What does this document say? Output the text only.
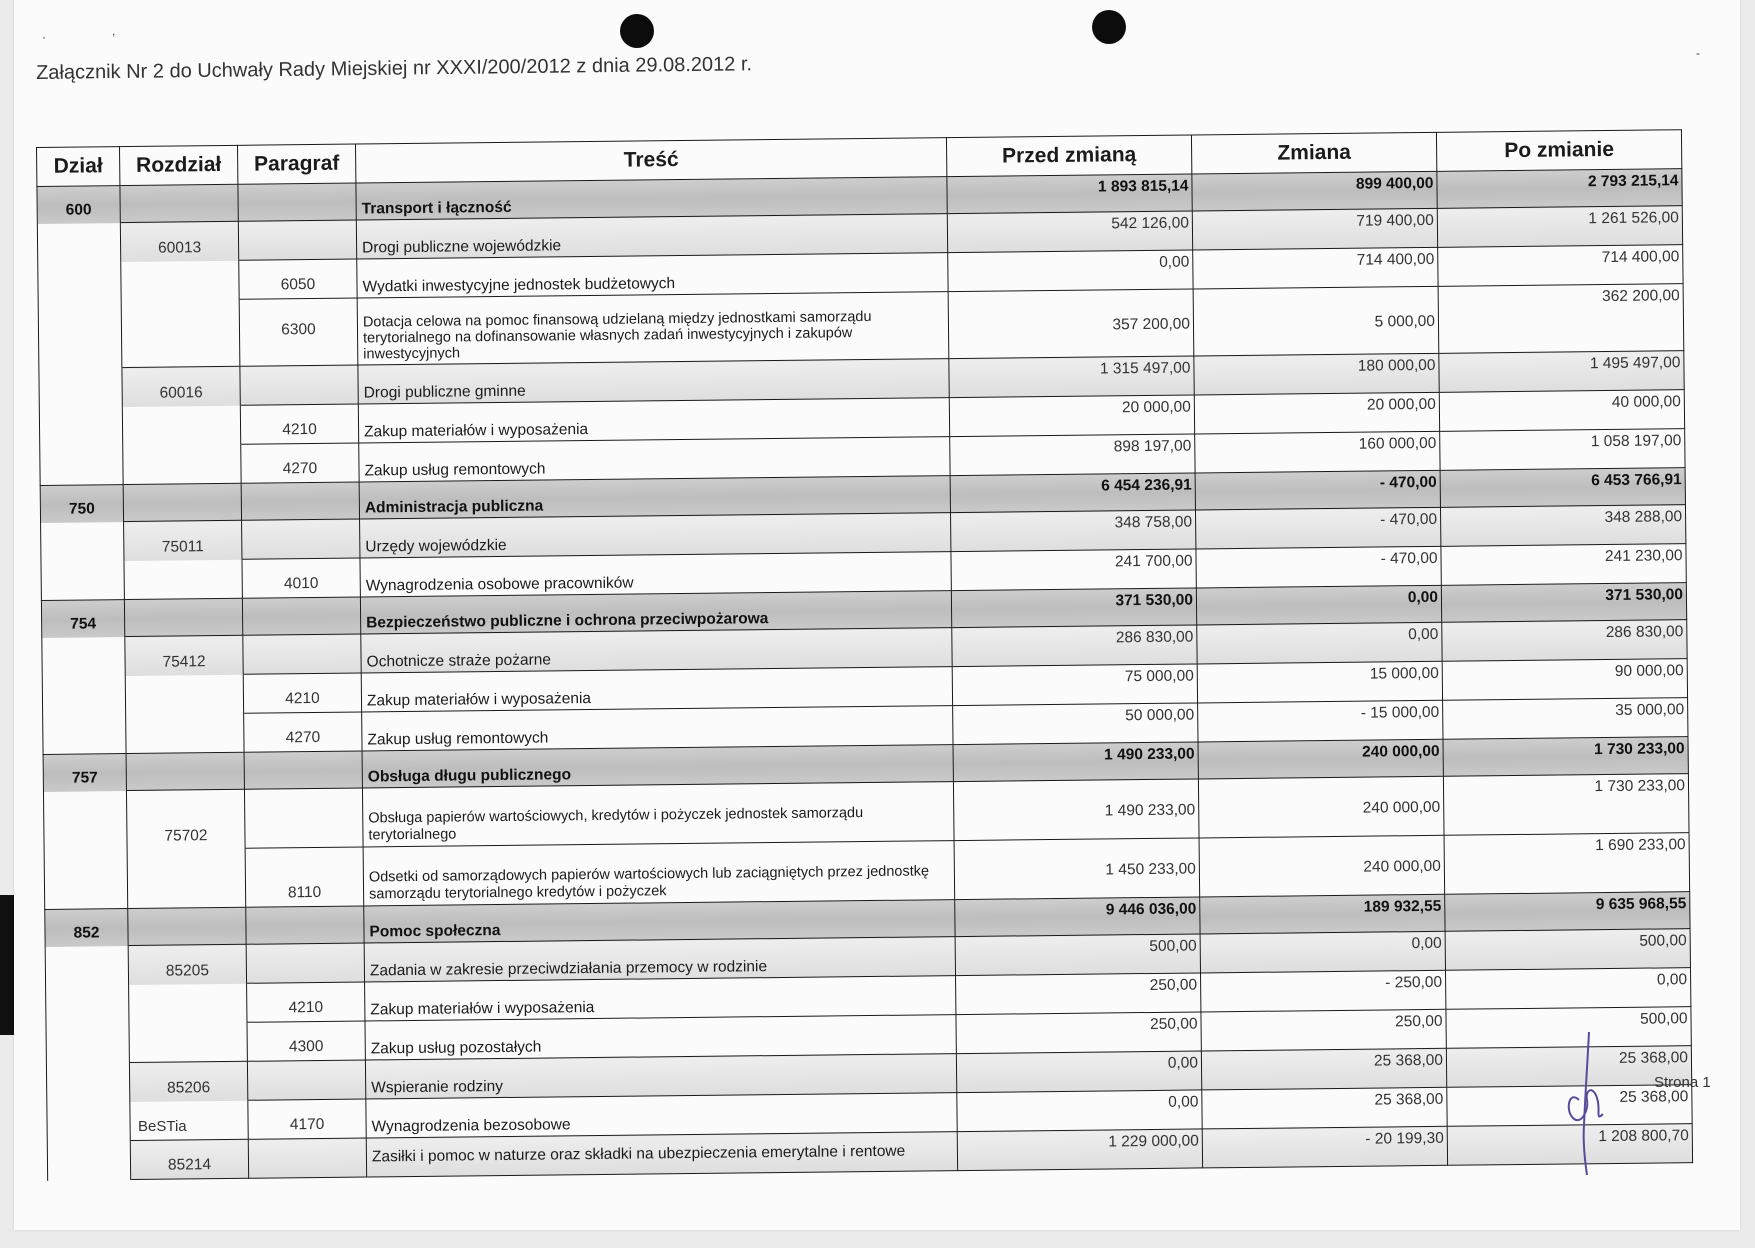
·	,
-
Załącznik Nr 2 do Uchwały Rady Miejskiej nr XXXI/200/2012 z dnia 29.08.2012 r.
Dział	Rozdział	Paragraf	Treść	Przed zmianą	Zmiana	Po zmianie
600			Transport i łączność	1 893 815,14	899 400,00	2 793 215,14
	60013		Drogi publiczne wojewódzkie	542 126,00	719 400,00	1 261 526,00
		6050	Wydatki inwestycyjne jednostek budżetowych	0,00	714 400,00	714 400,00
		6300	Dotacja celowa na pomoc finansową udzielaną między jednostkami samorządu terytorialnego na dofinansowanie własnych zadań inwestycyjnych i zakupów inwestycyjnych	357 200,00	5 000,00	362 200,00
	60016		Drogi publiczne gminne	1 315 497,00	180 000,00	1 495 497,00
		4210	Zakup materiałów i wyposażenia	20 000,00	20 000,00	40 000,00
		4270	Zakup usług remontowych	898 197,00	160 000,00	1 058 197,00
750			Administracja publiczna	6 454 236,91	- 470,00	6 453 766,91
	75011		Urzędy wojewódzkie	348 758,00	- 470,00	348 288,00
		4010	Wynagrodzenia osobowe pracowników	241 700,00	- 470,00	241 230,00
754			Bezpieczeństwo publiczne i ochrona przeciwpożarowa	371 530,00	0,00	371 530,00
	75412		Ochotnicze straże pożarne	286 830,00	0,00	286 830,00
		4210	Zakup materiałów i wyposażenia	75 000,00	15 000,00	90 000,00
		4270	Zakup usług remontowych	50 000,00	- 15 000,00	35 000,00
757			Obsługa długu publicznego	1 490 233,00	240 000,00	1 730 233,00
	75702		Obsługa papierów wartościowych, kredytów i pożyczek jednostek samorządu terytorialnego	1 490 233,00	240 000,00	1 730 233,00
		8110	Odsetki od samorządowych papierów wartościowych lub zaciągniętych przez jednostkę samorządu terytorialnego kredytów i pożyczek	1 450 233,00	240 000,00	1 690 233,00
852			Pomoc społeczna	9 446 036,00	189 932,55	9 635 968,55
	85205		Zadania w zakresie przeciwdziałania przemocy w rodzinie	500,00	0,00	500,00
		4210	Zakup materiałów i wyposażenia	250,00	- 250,00	0,00
		4300	Zakup usług pozostałych	250,00	250,00	500,00
	85206		Wspieranie rodziny	0,00	25 368,00	25 368,00
		4170	Wynagrodzenia bezosobowe	0,00	25 368,00	25 368,00
	85214		Zasiłki i pomoc w naturze oraz składki na ubezpieczenia emerytalne i rentowe	1 229 000,00	- 20 199,30	1 208 800,70
BeSTia
Strona 1
